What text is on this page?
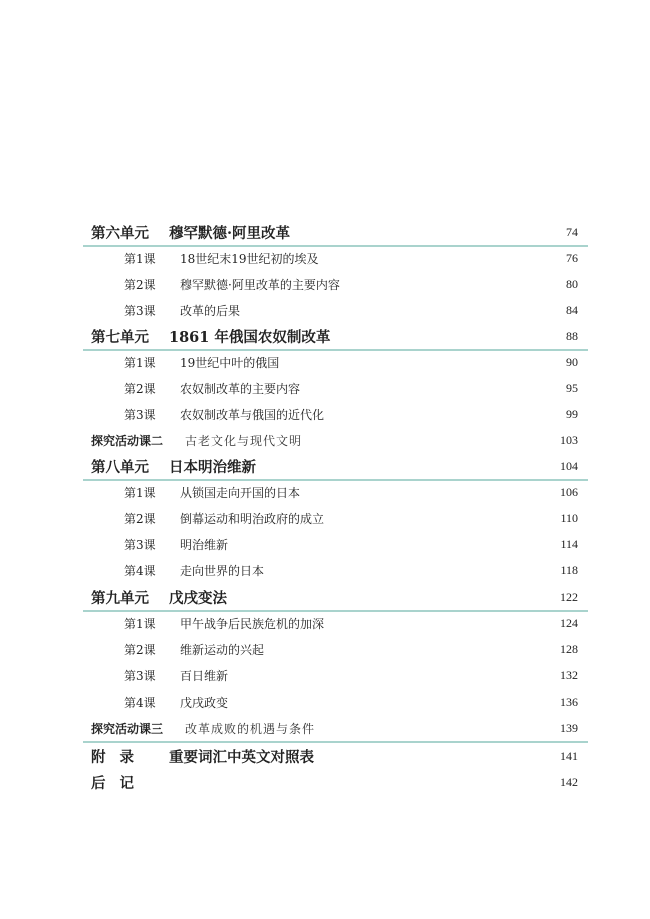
第六单元	穆罕默德·阿里改革	74
第1课	18世纪末19世纪初的埃及	76
第2课	穆罕默德·阿里改革的主要内容	80
第3课	改革的后果	84
第七单元	1861 年俄国农奴制改革	88
第1课	19世纪中叶的俄国	90
第2课	农奴制改革的主要内容	95
第3课	农奴制改革与俄国的近代化	99
探究活动课二	古老文化与现代文明	103
第八单元	日本明治维新	104
第1课	从锁国走向开国的日本	106
第2课	倒幕运动和明治政府的成立	110
第3课	明治维新	114
第4课	走向世界的日本	118
第九单元	戊戌变法	122
第1课	甲午战争后民族危机的加深	124
第2课	维新运动的兴起	128
第3课	百日维新	132
第4课	戊戌政变	136
探究活动课三	改革成败的机遇与条件	139
附录	重要词汇中英文对照表	141
后记	142
